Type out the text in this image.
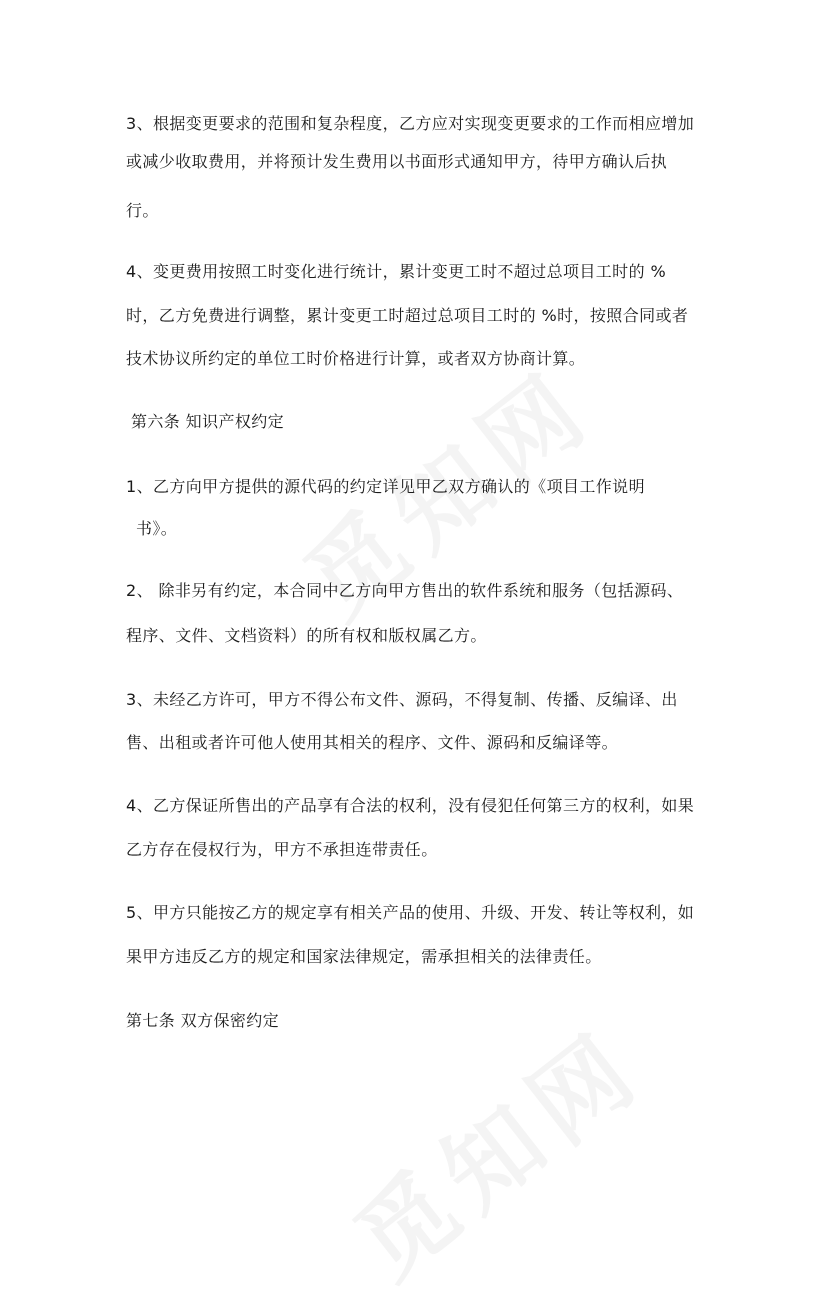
3、根据变更要求的范围和复杂程度，乙方应对实现变更要求的工作而相应增加
或减少收取费用，并将预计发生费用以书面形式通知甲方，待甲方确认后执
行。
4、变更费用按照工时变化进行统计，累计变更工时不超过总项目工时的 %
时，乙方免费进行调整，累计变更工时超过总项目工时的 %时，按照合同或者
技术协议所约定的单位工时价格进行计算，或者双方协商计算。
第六条 知识产权约定
1、乙方向甲方提供的源代码的约定详见甲乙双方确认的《项目工作说明
书》。
2、 除非另有约定，本合同中乙方向甲方售出的软件系统和服务（包括源码、
程序、文件、文档资料）的所有权和版权属乙方。
3、未经乙方许可，甲方不得公布文件、源码，不得复制、传播、反编译、出
售、出租或者许可他人使用其相关的程序、文件、源码和反编译等。
4、乙方保证所售出的产品享有合法的权利，没有侵犯任何第三方的权利，如果
乙方存在侵权行为，甲方不承担连带责任。
5、甲方只能按乙方的规定享有相关产品的使用、升级、开发、转让等权利，如
果甲方违反乙方的规定和国家法律规定，需承担相关的法律责任。
第七条 双方保密约定
